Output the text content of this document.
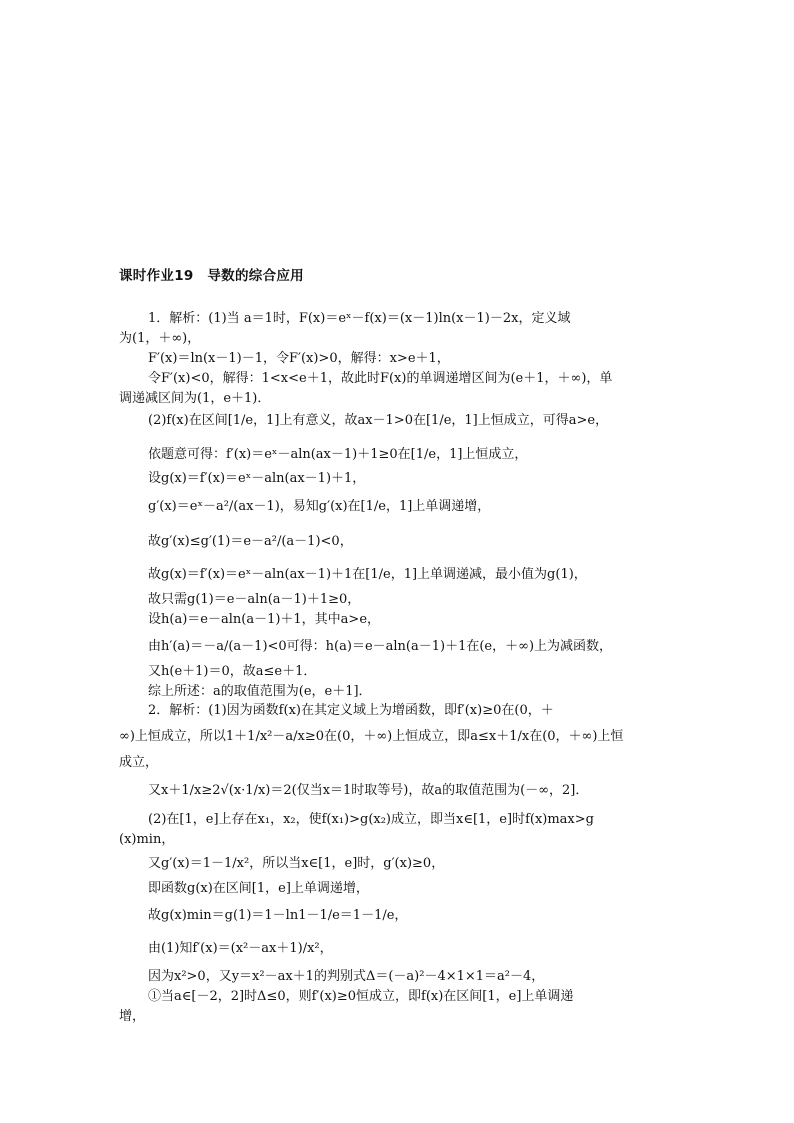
课时作业19　导数的综合应用
1．解析：(1)当 a＝1时，F(x)＝eˣ－f(x)＝(x－1)ln(x－1)－2x，定义域
为(1，＋∞)，
F′(x)＝ln(x－1)－1，令F′(x)>0，解得：x>e＋1，
令F′(x)<0，解得：1<x<e＋1，故此时F(x)的单调递增区间为(e＋1，＋∞)，单
调递减区间为(1，e＋1)．
(2)f(x)在区间[1/e，1]上有意义，故ax－1>0在[1/e，1]上恒成立，可得a>e，
依题意可得：f′(x)＝eˣ－aln(ax－1)＋1≥0在[1/e，1]上恒成立，
设g(x)＝f′(x)＝eˣ－aln(ax－1)＋1，
g′(x)＝eˣ－a²/(ax－1)，易知g′(x)在[1/e，1]上单调递增，
故g′(x)≤g′(1)＝e－a²/(a－1)<0，
故g(x)＝f′(x)＝eˣ－aln(ax－1)＋1在[1/e，1]上单调递减，最小值为g(1)，
故只需g(1)＝e－aln(a－1)＋1≥0，
设h(a)＝e－aln(a－1)＋1，其中a>e，
由h′(a)＝－a/(a－1)<0可得：h(a)＝e－aln(a－1)＋1在(e，＋∞)上为减函数，
又h(e＋1)＝0，故a≤e＋1．
综上所述：a的取值范围为(e，e＋1]．
2．解析：(1)因为函数f(x)在其定义域上为增函数，即f′(x)≥0在(0，＋
∞)上恒成立，所以1＋1/x²－a/x≥0在(0，＋∞)上恒成立，即a≤x＋1/x在(0，＋∞)上恒
成立，
又x＋1/x≥2√(x·1/x)＝2(仅当x＝1时取等号)，故a的取值范围为(－∞，2]．
(2)在[1，e]上存在x₁，x₂，使f(x₁)>g(x₂)成立，即当x∈[1，e]时f(x)max>g
(x)min，
又g′(x)＝1－1/x²，所以当x∈[1，e]时，g′(x)≥0，
即函数g(x)在区间[1，e]上单调递增，
故g(x)min＝g(1)＝1－ln1－1/e＝1－1/e，
由(1)知f′(x)＝(x²－ax＋1)/x²，
因为x²>0，又y＝x²－ax＋1的判别式Δ＝(－a)²－4×1×1＝a²－4，
①当a∈[－2，2]时Δ≤0，则f′(x)≥0恒成立，即f(x)在区间[1，e]上单调递
增，
